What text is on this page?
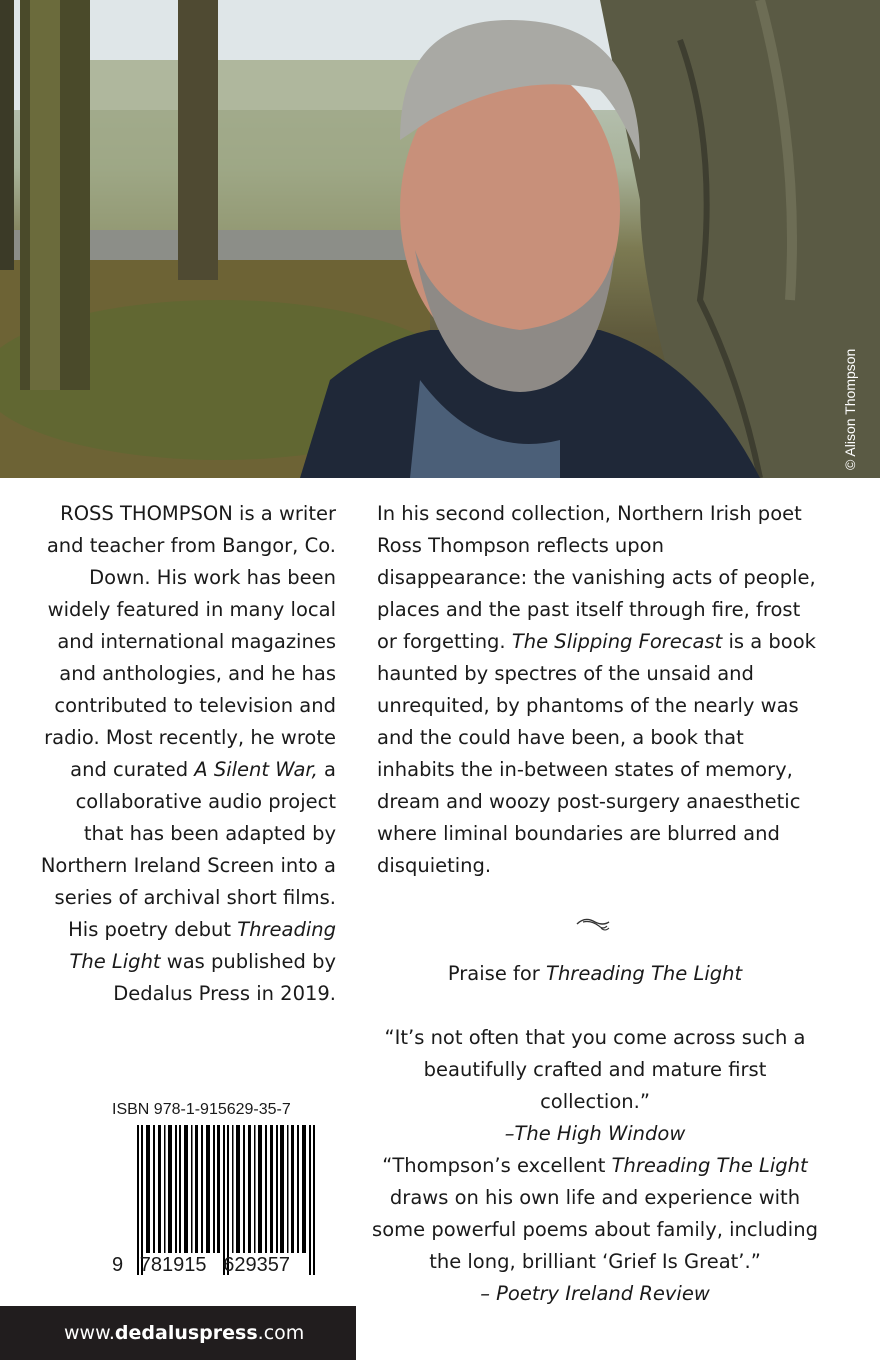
© Alison Thompson
ROSS THOMPSON is a writer and teacher from Bangor, Co. Down. His work has been widely featured in many local and international magazines and anthologies, and he has contributed to television and radio. Most recently, he wrote and curated A Silent War, a collaborative audio project that has been adapted by Northern Ireland Screen into a series of archival short films. His poetry debut Threading The Light was published by Dedalus Press in 2019.
In his second collection, Northern Irish poet Ross Thompson reflects upon disappearance: the vanishing acts of people, places and the past itself through fire, frost or forgetting. The Slipping Forecast is a book haunted by spectres of the unsaid and unrequited, by phantoms of the nearly was and the could have been, a book that inhabits the in-between states of memory, dream and woozy post-surgery anaesthetic where liminal boundaries are blurred and disquieting.
Praise for Threading The Light
“It’s not often that you come across such a beautifully crafted and mature first collection.”
–The High Window
“Thompson’s excellent Threading The Light draws on his own life and experience with some powerful poems about family, including the long, brilliant ‘Grief Is Great’.”
– Poetry Ireland Review
ISBN 978-1-915629-35-7
9   781915   629357
www.dedaluspress.com
